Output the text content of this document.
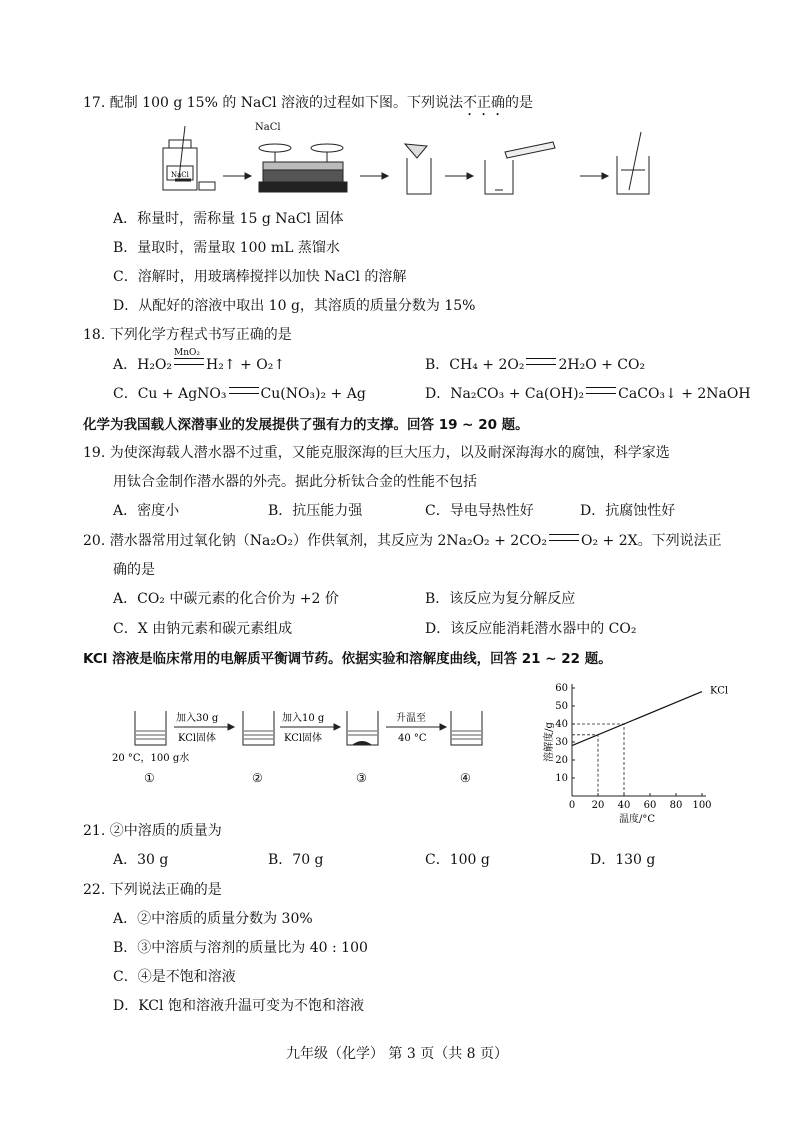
17. 配制 100 g 15% 的 NaCl 溶液的过程如下图。下列说法不正确的是
NaCl
NaCl
A．称量时，需称量 15 g NaCl 固体
B．量取时，需量取 100 mL 蒸馏水
C．溶解时，用玻璃棒搅拌以加快 NaCl 的溶解
D．从配好的溶液中取出 10 g，其溶质的质量分数为 15%
18. 下列化学方程式书写正确的是
A．H₂O₂
MnO₂
H₂↑ + O₂↑	B．CH₄ + 2O₂ 2H₂O + CO₂
C．Cu + AgNO₃ Cu(NO₃)₂ + Ag	D．Na₂CO₃ + Ca(OH)₂ CaCO₃↓ + 2NaOH
化学为我国载人深潜事业的发展提供了强有力的支撑。回答 19 ~ 20 题。
19. 为使深海载人潜水器不过重，又能克服深海的巨大压力，以及耐深海海水的腐蚀，科学家选
用钛合金制作潜水器的外壳。据此分析钛合金的性能不包括
A．密度小	B．抗压能力强	C．导电导热性好	D．抗腐蚀性好
20. 潜水器常用过氧化钠（Na₂O₂）作供氧剂，其反应为 2Na₂O₂ + 2CO₂ O₂ + 2X。下列说法正
确的是
A．CO₂ 中碳元素的化合价为 +2 价	B．该反应为复分解反应
C．X 由钠元素和碳元素组成	D．该反应能消耗潜水器中的 CO₂
KCl 溶液是临床常用的电解质平衡调节药。依据实验和溶解度曲线，回答 21 ~ 22 题。
加入30 g
KCl固体
加入10 g
KCl固体
升温至
40 °C
20 °C，100 g水
①	②	③	④
0 20 40 60 80 100
10
20
30
40
50
60	KCl
温度/°C
溶解度/g
21. ②中溶质的质量为
A．30 g	B．70 g	C．100 g	D．130 g
22. 下列说法正确的是
A．②中溶质的质量分数为 30%
B．③中溶质与溶剂的质量比为 40 : 100
C．④是不饱和溶液
D．KCl 饱和溶液升温可变为不饱和溶液
九年级（化学） 第 3 页（共 8 页）
